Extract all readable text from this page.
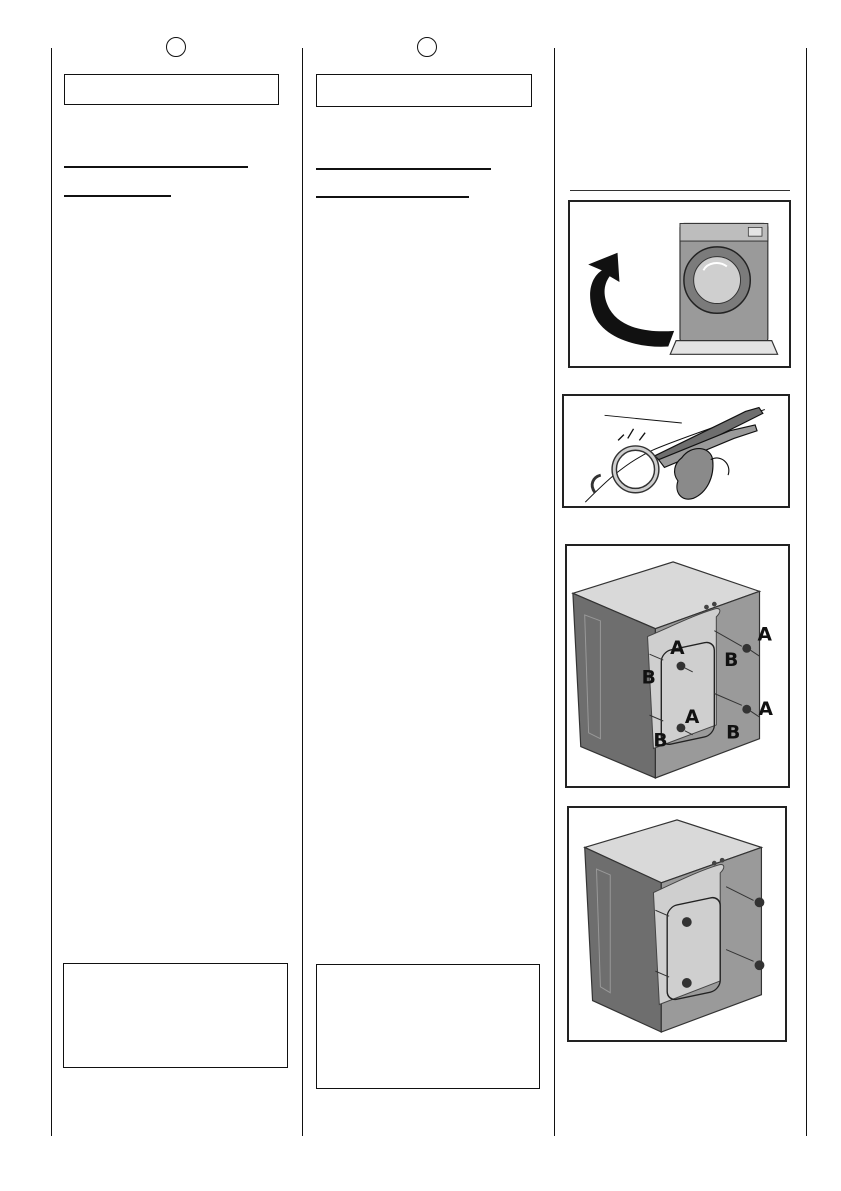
A
B
A
B
A
B
A
B
